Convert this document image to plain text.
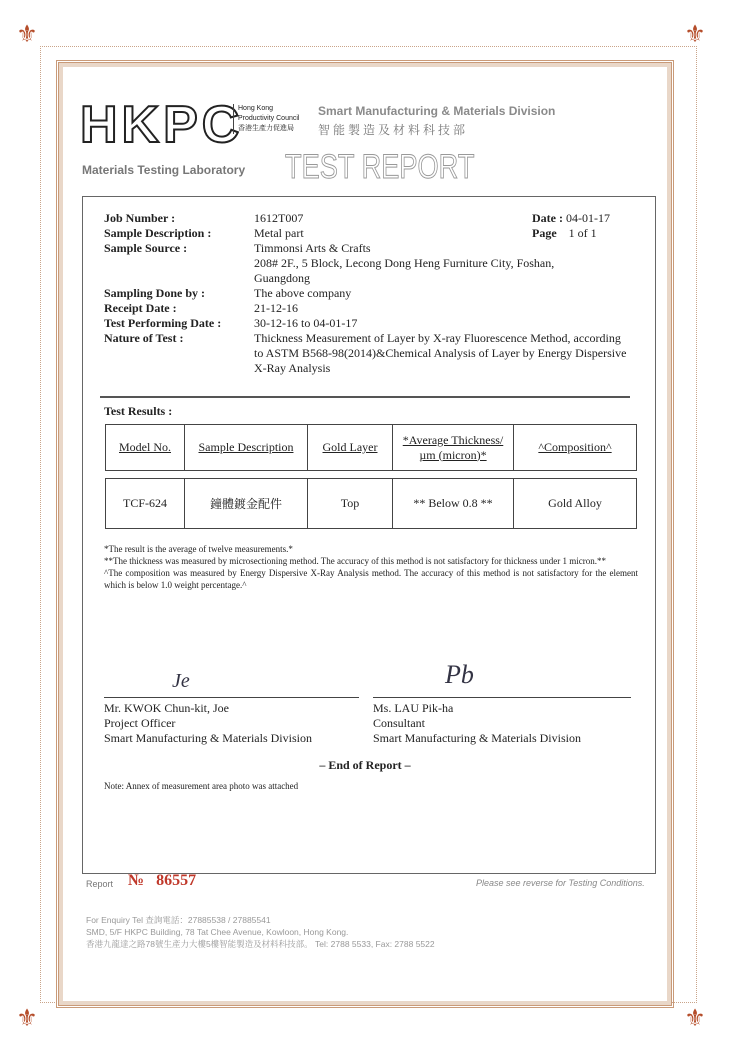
⚜	⚜
⚜	⚜
HKPC
Hong Kong
Productivity Council
香港生產力促進局
Smart Manufacturing & Materials Division
智能製造及材料科技部
Materials Testing Laboratory TEST REPORT
Job Number :	1612T007
Sample Description :	Metal part
Sample Source :	Timmonsi Arts & Crafts
208# 2F., 5 Block, Lecong Dong Heng Furniture City, Foshan,
Guangdong
Sampling Done by :	The above company
Receipt Date :	21-12-16
Test Performing Date :	30-12-16 to 04-01-17
Nature of Test :	Thickness Measurement of Layer by X-ray Fluorescence Method, according to ASTM B568-98(2014)&Chemical Analysis of Layer by Energy Dispersive X-Ray Analysis
Date : 04-01-17
Page 1 of 1
Test Results :
Model No.	Sample Description	Gold Layer	*Average Thickness/µm (micron)*	^Composition^

TCF-624	鐘體鍍金配件	Top	** Below 0.8 **	Gold Alloy
*The result is the average of twelve measurements.*
**The thickness was measured by microsectioning method. The accuracy of this method is not satisfactory for thickness under 1 micron.**
^The composition was measured by Energy Dispersive X-Ray Analysis method. The accuracy of this method is not satisfactory for the element which is below 1.0 weight percentage.^
Je	Pb
Mr. KWOK Chun-kit, Joe
Project Officer
Smart Manufacturing & Materials Division
Ms. LAU Pik-ha
Consultant
Smart Manufacturing & Materials Division
– End of Report –
Note: Annex of measurement area photo was attached
Report № 86557	Please see reverse for Testing Conditions.
For Enquiry Tel 查詢電話：27885538 / 27885541
SMD, 5/F HKPC Building, 78 Tat Chee Avenue, Kowloon, Hong Kong.
香港九龍達之路78號生產力大樓5樓智能製造及材料科技部。 Tel: 2788 5533, Fax: 2788 5522
